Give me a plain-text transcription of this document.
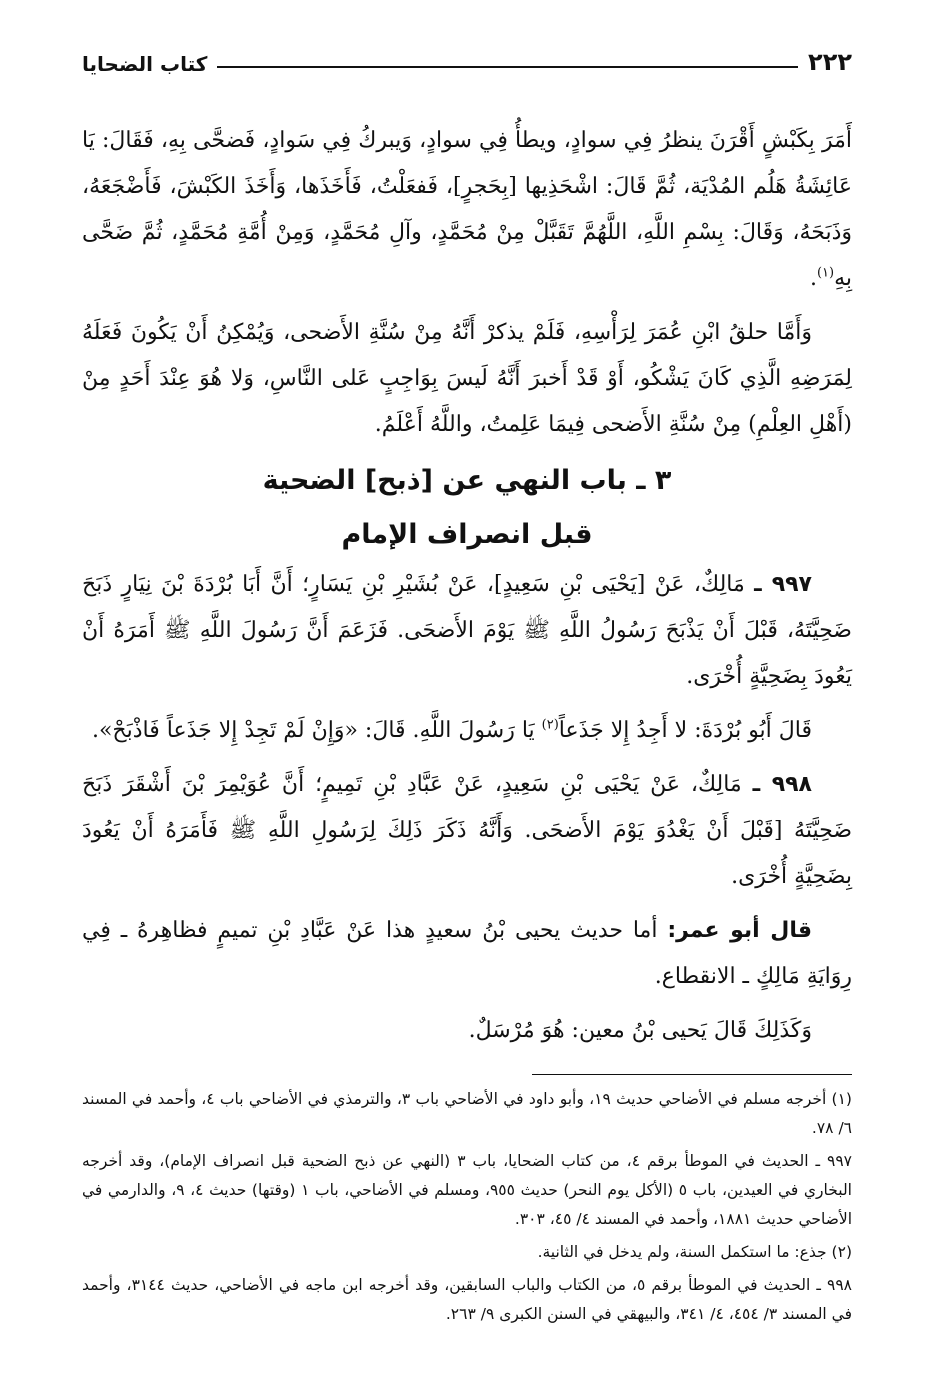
٢٢٢
كتاب الضحايا

أَمَرَ بِكَبْشٍ أَقْرَنَ ينظرُ فِي سوادٍ، ويطأُ فِي سوادٍ، وَيبركُ فِي سَوادٍ، فَضحَّى بِهِ، فَقَالَ: يَا عَائِشَةُ هَلُم المُدْيَة، ثُمَّ قَالَ: اشْحَذِيها [بِحَجرٍ]، فَفعَلْتُ، فَأَخَذَها، وَأَخَذَ الكَبْشَ، فَأَضْجَعَهُ، وَذَبَحَهُ، وَقَالَ: بِسْمِ اللَّهِ، اللَّهُمَّ تَقَبَّلْ مِنْ مُحَمَّدٍ، وآلِ مُحَمَّدٍ، وَمِنْ أُمَّةِ مُحَمَّدٍ، ثُمَّ ضَحَّى بِهِ$^{(١)}$.

وَأَمَّا حلقُ ابْنِ عُمَرَ لِرَأْسِهِ، فَلَمْ يذكرْ أَنَّهُ مِنْ سُنَّةِ الأَضحى، وَيُمْكِنُ أَنْ يَكُونَ فَعَلَهُ لِمَرَضِهِ الَّذِي كَانَ يَشْكُو، أَوْ قَدْ أَخبرَ أَنَّهُ لَيسَ بِوَاجِبٍ عَلى النَّاسِ، وَلا هُوَ عِنْدَ أَحَدٍ مِنْ (أَهْلِ العِلْمِ) مِنْ سُنَّةِ الأَضحى فِيمَا عَلِمتُ، واللَّهُ أَعْلَمُ.

٣ ـ باب النهي عن [ذبح] الضحية
قبل انصراف الإمام

٩٩٧ ـ مَالِكٌ، عَنْ [يَحْيَى بْنِ سَعِيدٍ]، عَنْ بُشَيْرِ بْنِ يَسَارٍ؛ أَنَّ أَبَا بُرْدَةَ بْنَ نِيَارٍ ذَبَحَ ضَحِيَّتَهُ، قَبْلَ أَنْ يَذْبَحَ رَسُولُ اللَّهِ ﷺ يَوْمَ الأَضحَى. فَزَعَمَ أَنَّ رَسُولَ اللَّهِ ﷺ أَمَرَهُ أَنْ يَعُودَ بِضَحِيَّةٍ أُخْرَى.

قَالَ أَبُو بُرْدَةَ: لا أَجِدُ إِلا جَذَعاً$^{(٢)}$ يَا رَسُولَ اللَّهِ. قَالَ: «وَإِنْ لَمْ تَجِدْ إِلا جَذَعاً فَاذْبَحْ».

٩٩٨ ـ مَالِكٌ، عَنْ يَحْيَى بْنِ سَعِيدٍ، عَنْ عَبَّادِ بْنِ تَمِيمٍ؛ أَنَّ عُوَيْمِرَ بْنَ أَشْقَرَ ذَبَحَ ضَحِيَّتَهُ [قَبْلَ أَنْ يَغْدُوَ يَوْمَ الأَضحَى. وَأَنَّهُ ذَكَرَ ذَلِكَ لِرَسُولِ اللَّهِ ﷺ فَأَمَرَهُ أَنْ يَعُودَ بِضَحِيَّةٍ أُخْرَى.

قال أبو عمر: أما حديث يحيى بْنُ سعيدٍ هذا عَنْ عَبَّادِ بْنِ تميمٍ فظاهِرهُ ـ فِي رِوَايَةِ مَالِكٍ ـ الانقطاع.

وَكَذَلِكَ قَالَ يَحيى بْنُ معين: هُوَ مُرْسَلٌ.

(١) أخرجه مسلم في الأضاحي حديث ١٩، وأبو داود في الأضاحي باب ٣، والترمذي في الأضاحي باب ٤، وأحمد في المسند ٦/ ٧٨.

٩٩٧ ـ الحديث في الموطأ برقم ٤، من كتاب الضحايا، باب ٣ (النهي عن ذبح الضحية قبل انصراف الإمام)، وقد أخرجه البخاري في العيدين، باب ٥ (الأكل يوم النحر) حديث ٩٥٥، ومسلم في الأضاحي، باب ١ (وقتها) حديث ٤، ٩، والدارمي في الأضاحي حديث ١٨٨١، وأحمد في المسند ٤/ ٤٥، ٣٠٣.

(٢) جذع: ما استكمل السنة، ولم يدخل في الثانية.

٩٩٨ ـ الحديث في الموطأ برقم ٥، من الكتاب والباب السابقين، وقد أخرجه ابن ماجه في الأضاحي، حديث ٣١٤٤، وأحمد في المسند ٣/ ٤٥٤، ٤/ ٣٤١، والبيهقي في السنن الكبرى ٩/ ٢٦٣.
